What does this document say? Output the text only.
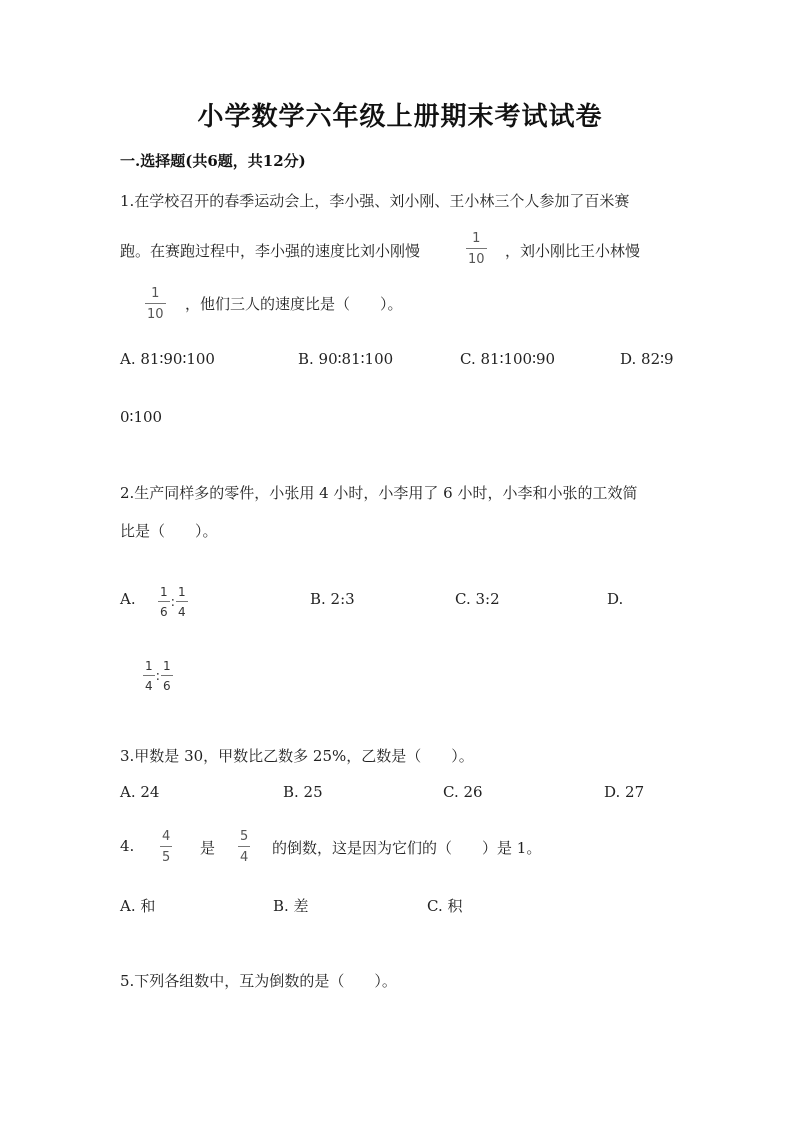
小学数学六年级上册期末考试试卷
一.选择题(共6题，共12分)
1.在学校召开的春季运动会上，李小强、刘小刚、王小林三个人参加了百米赛
跑。在赛跑过程中，李小强的速度比刘小刚慢
1
10 ，刘小刚比王小林慢
1
10
，他们三人的速度比是（　　）。
A. 81∶90∶100	B. 90∶81∶100	C. 81∶100∶90	D. 82∶9
0∶100
2.生产同样多的零件，小张用 4 小时，小李用了 6 小时，小李和小张的工效简
比是（　　）。
A. $\frac{1}{6}$ : $\frac{1}{4}$	B. 2:3	C. 3:2	D.
$\frac{1}{4}$ : $\frac{1}{6}$
3.甲数是 30，甲数比乙数多 25%，乙数是（　　）。
A. 24	B. 25	C. 26	D. 27
4.
4
5
是
5
4
的倒数，这是因为它们的（　　）是 1。
A. 和	B. 差	C. 积
5.下列各组数中，互为倒数的是（　　）。
